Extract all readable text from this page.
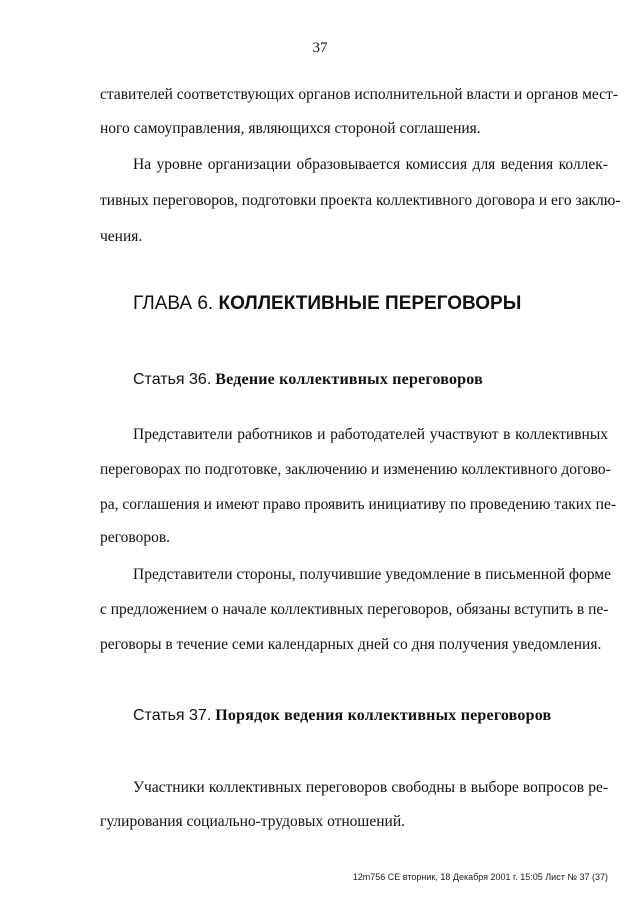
37
ставителей соответствующих органов исполнительной власти и органов мест-
ного самоуправления, являющихся стороной соглашения.
На уровне организации образовывается комиссия для ведения коллек-
тивных переговоров, подготовки проекта коллективного договора и его заклю-
чения.
ГЛАВА 6. КОЛЛЕКТИВНЫЕ ПЕРЕГОВОРЫ
Статья 36. Ведение коллективных переговоров
Представители работников и работодателей участвуют в коллективных
переговорах по подготовке, заключению и изменению коллективного догово-
ра, соглашения и имеют право проявить инициативу по проведению таких пе-
реговоров.
Представители стороны, получившие уведомление в письменной форме
с предложением о начале коллективных переговоров, обязаны вступить в пе-
реговоры в течение семи календарных дней со дня получения уведомления.
Статья 37. Порядок ведения коллективных переговоров
Участники коллективных переговоров свободны в выборе вопросов ре-
гулирования социально-трудовых отношений.
12m756 СЕ вторник, 18 Декабря 2001 г. 15:05 Лист № 37 (37)
